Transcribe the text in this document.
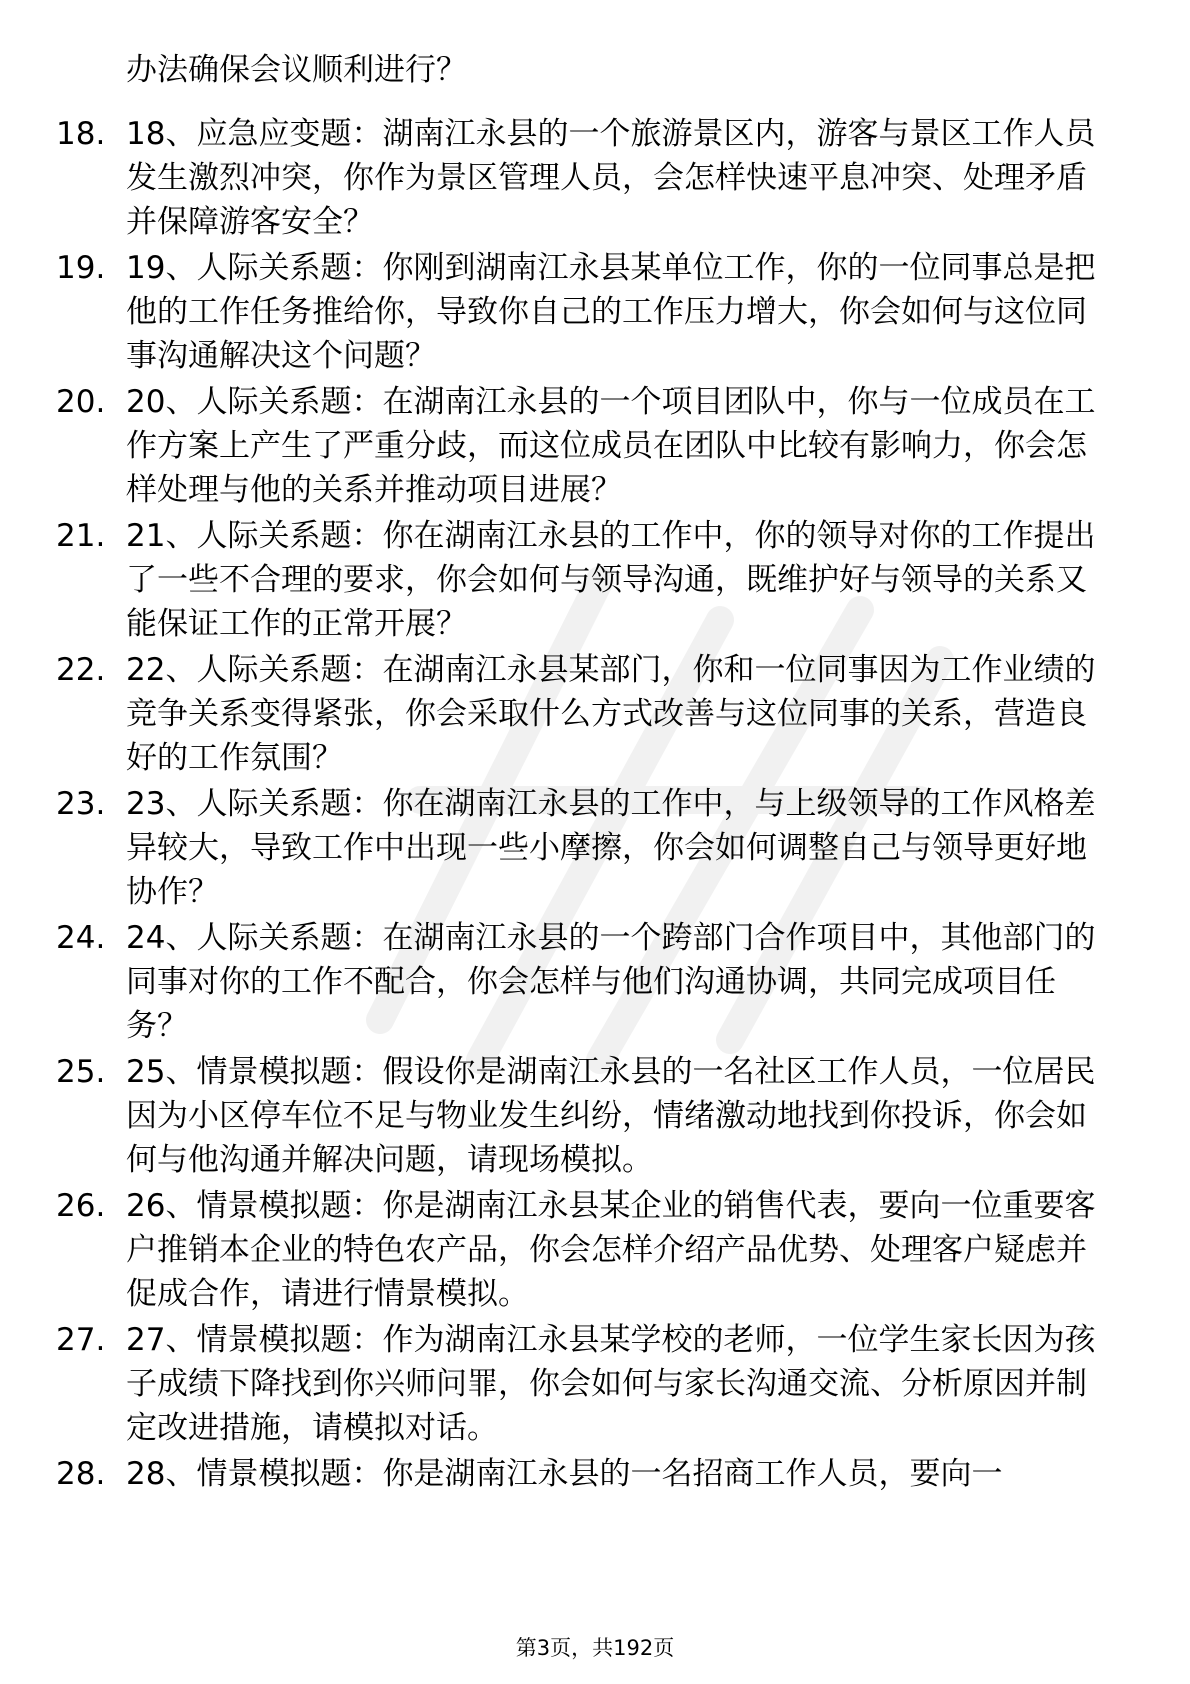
办法确保会议顺利进行？
18. 18、应急应变题：湖南江永县的一个旅游景区内，游客与景区工作人员发生激烈冲突，你作为景区管理人员，会怎样快速平息冲突、处理矛盾并保障游客安全？
19. 19、人际关系题：你刚到湖南江永县某单位工作，你的一位同事总是把他的工作任务推给你，导致你自己的工作压力增大，你会如何与这位同事沟通解决这个问题？
20. 20、人际关系题：在湖南江永县的一个项目团队中，你与一位成员在工作方案上产生了严重分歧，而这位成员在团队中比较有影响力，你会怎样处理与他的关系并推动项目进展？
21. 21、人际关系题：你在湖南江永县的工作中，你的领导对你的工作提出了一些不合理的要求，你会如何与领导沟通，既维护好与领导的关系又能保证工作的正常开展？
22. 22、人际关系题：在湖南江永县某部门，你和一位同事因为工作业绩的竞争关系变得紧张，你会采取什么方式改善与这位同事的关系，营造良好的工作氛围？
23. 23、人际关系题：你在湖南江永县的工作中，与上级领导的工作风格差异较大，导致工作中出现一些小摩擦，你会如何调整自己与领导更好地协作？
24. 24、人际关系题：在湖南江永县的一个跨部门合作项目中，其他部门的同事对你的工作不配合，你会怎样与他们沟通协调，共同完成项目任务？
25. 25、情景模拟题：假设你是湖南江永县的一名社区工作人员，一位居民因为小区停车位不足与物业发生纠纷，情绪激动地找到你投诉，你会如何与他沟通并解决问题，请现场模拟。
26. 26、情景模拟题：你是湖南江永县某企业的销售代表，要向一位重要客户推销本企业的特色农产品，你会怎样介绍产品优势、处理客户疑虑并促成合作，请进行情景模拟。
27. 27、情景模拟题：作为湖南江永县某学校的老师，一位学生家长因为孩子成绩下降找到你兴师问罪，你会如何与家长沟通交流、分析原因并制定改进措施，请模拟对话。
28. 28、情景模拟题：你是湖南江永县的一名招商工作人员，要向一
第3页，共192页
